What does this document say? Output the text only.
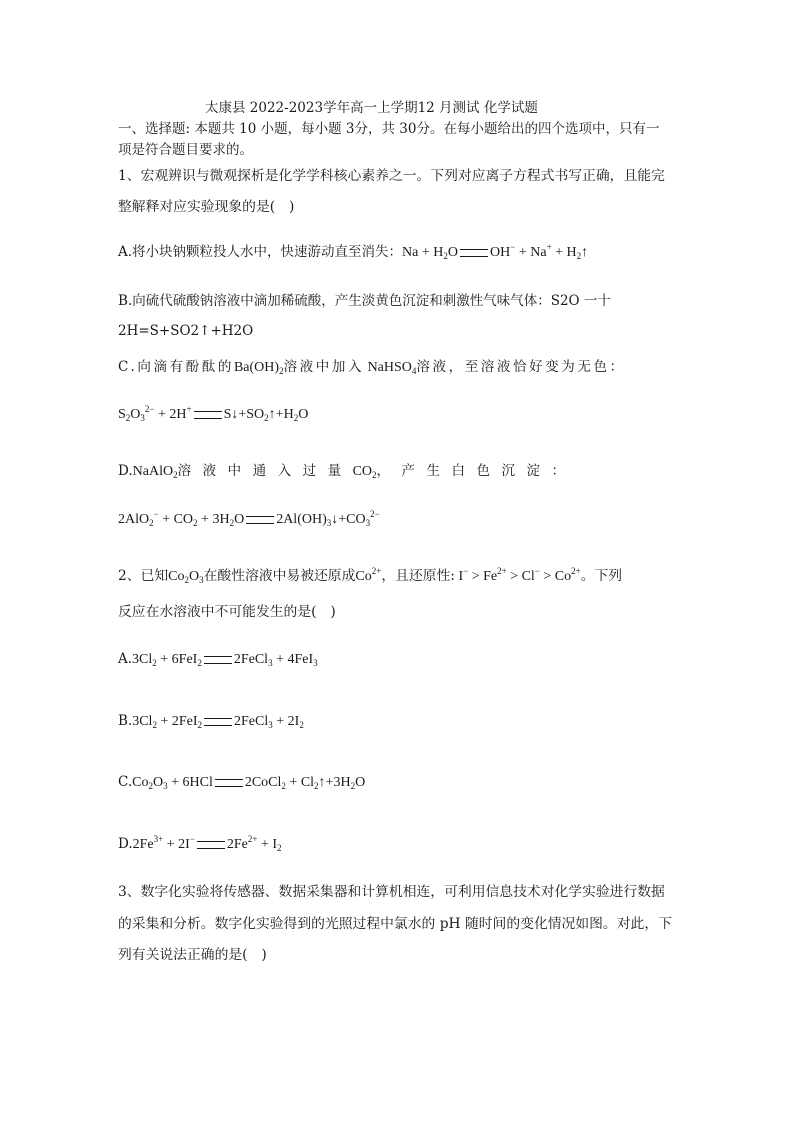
太康县 2022-2023学年高一上学期12 月测试 化学试题
一、选择题: 本题共 10 小题，每小题 3分，共 30分。在每小题给出的四个选项中，只有一
项是符合题目要求的。
1、宏观辨识与微观探析是化学学科核心素养之一。下列对应离子方程式书写正确，且能完
整解释对应实验现象的是(　)
A.将小块钠颗粒投人水中，快速游动直至消失：$Na + H_2O$ $OH^- + Na^+ + H_2↑$
B.向硫代硫酸钠溶液中滴加稀硫酸，产生淡黄色沉淀和刺激性气味气体：S2O 一十
2H=S+SO2↑+H2O
C.向滴有酚酞的$Ba(OH)_2$溶液中加入 NaHSO$_4$溶液，至溶液恰好变为无色：
$S_2O_3^{2-} + 2H^+$ $S↓+SO_2↑+H_2O$
D.NaAlO$_2$溶液中通入过量$CO_2$，产生白色沉淀：
$2AlO_2^- + CO_2 + 3H_2O$ $2Al(OH)_3↓+CO_3^{2-}$
2、已知$Co_2O_3$在酸性溶液中易被还原成$Co^{2+}$，且还原性: $I^- > Fe^{2+} > Cl^- > Co^{2+}$。下列
反应在水溶液中不可能发生的是(　)
$A.3Cl_2 + 6FeI_2$ 2FeCl$_3$ + 4FeI$_3$
$B.3Cl_2 + 2FeI_2$ 2FeCl$_3$ + $2I_2$
$C.Co_2O_3 + 6HCl$ 2CoCl$_2$ + $Cl_2↑+3H_2O$
$D.2Fe^{3+} + 2I^-$ $2Fe^{2+} + I_2$
3、数字化实验将传感器、数据采集器和计算机相连，可利用信息技术对化学实验进行数据
的采集和分析。数字化实验得到的光照过程中氯水的 pH 随时间的变化情况如图。对此，下
列有关说法正确的是(　)
